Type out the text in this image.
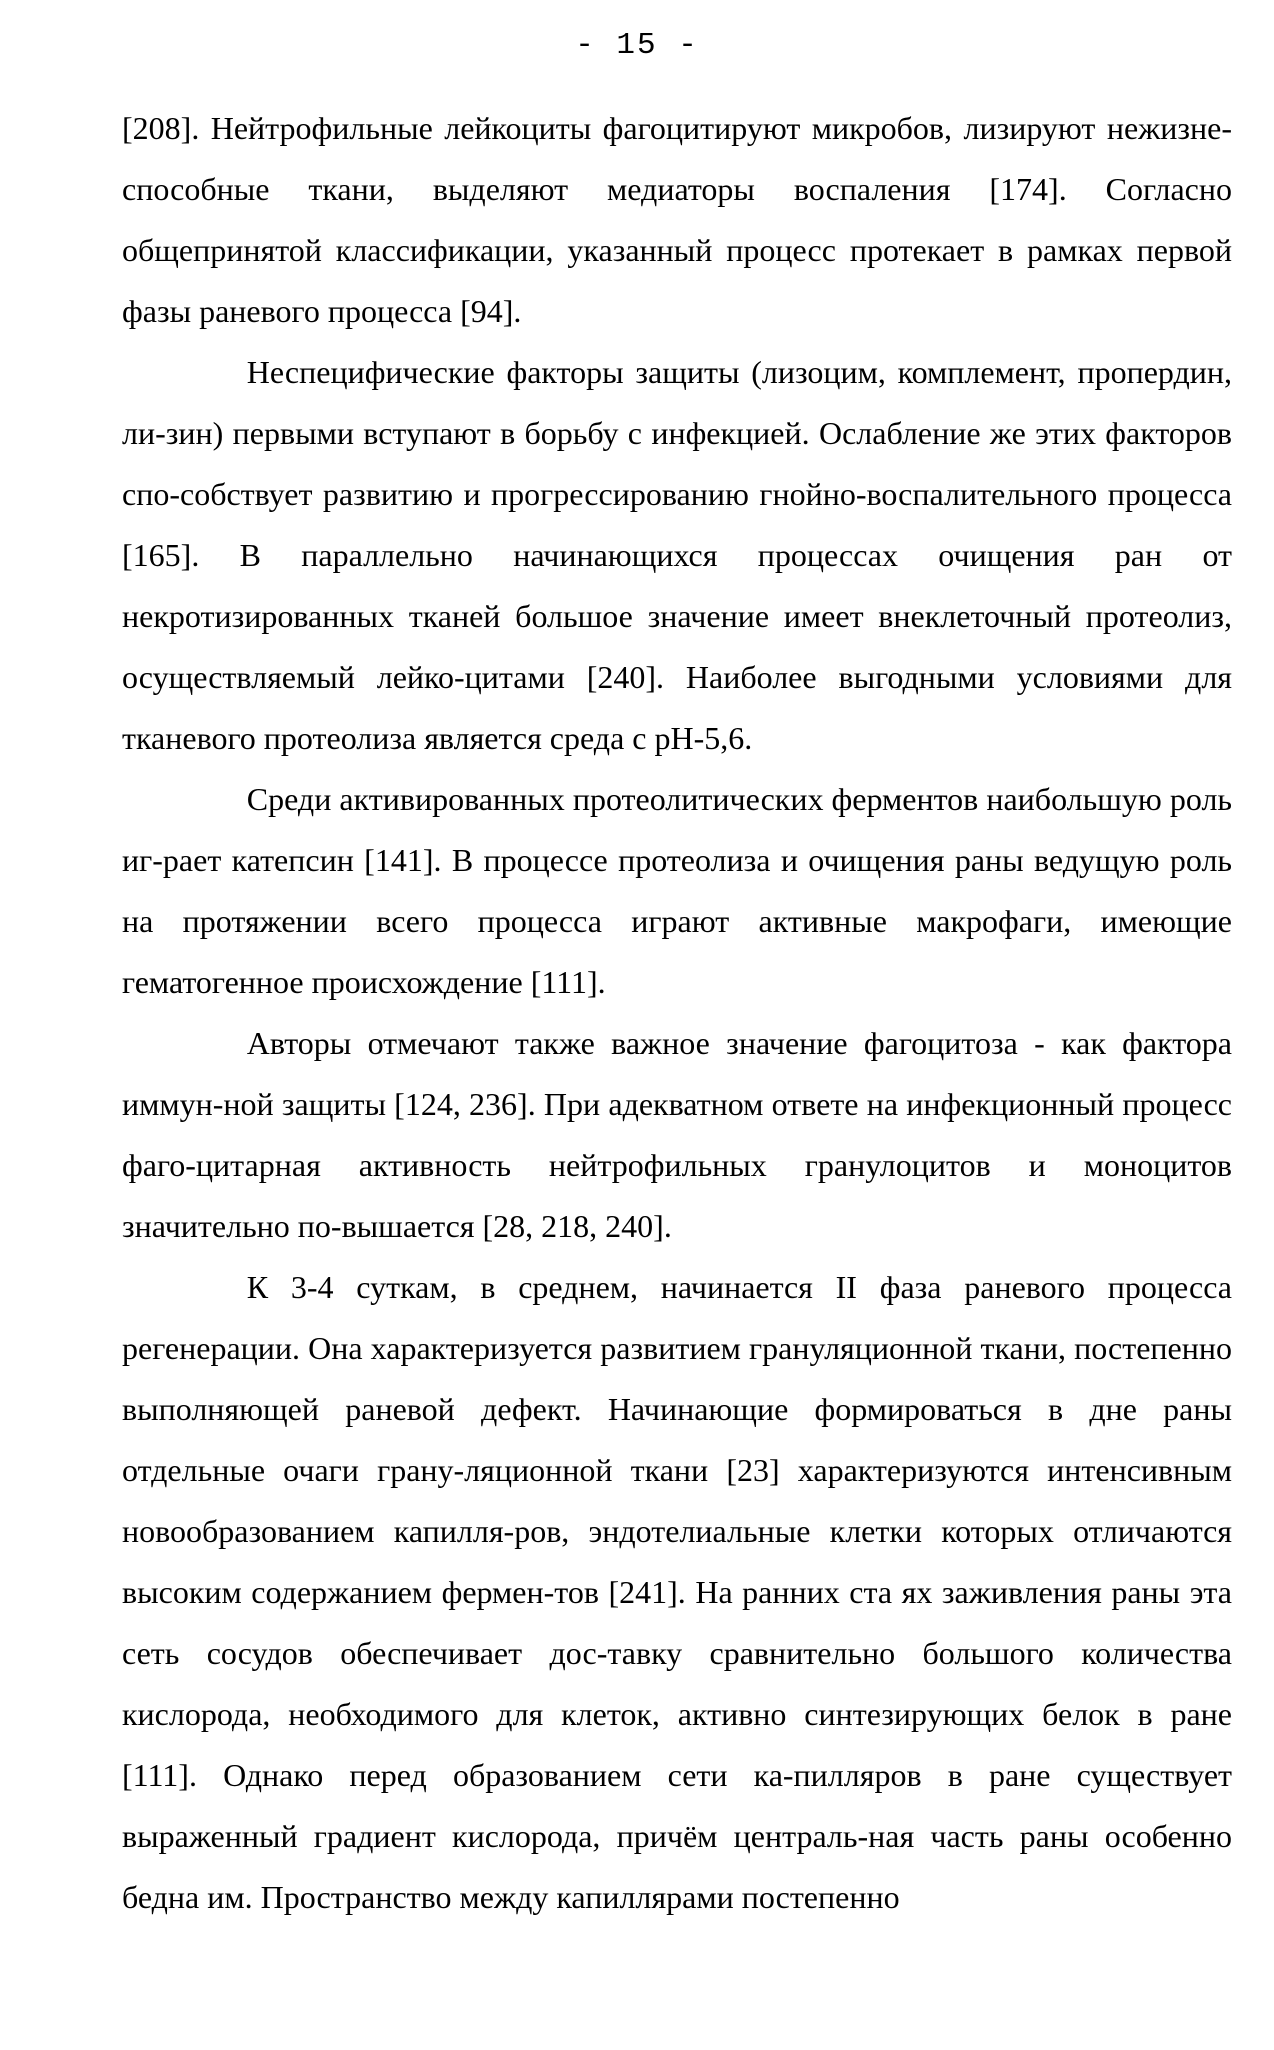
- 15 -

[208]. Нейтрофильные лейкоциты фагоцитируют микробов, лизируют нежизне-способные ткани, выделяют медиаторы воспаления [174]. Согласно общепринятой классификации, указанный процесс протекает в рамках первой фазы раневого процесса [94].

Неспецифические факторы защиты (лизоцим, комплемент, пропердин, ли-зин) первыми вступают в борьбу с инфекцией. Ослабление же этих факторов спо-собствует развитию и прогрессированию гнойно-воспалительного процесса [165]. В параллельно начинающихся процессах очищения ран от некротизированных тканей большое значение имеет внеклеточный протеолиз, осуществляемый лейко-цитами [240]. Наиболее выгодными условиями для тканевого протеолиза является среда с рН-5,6.

Среди активированных протеолитических ферментов наибольшую роль иг-рает катепсин [141]. В процессе протеолиза и очищения раны ведущую роль на протяжении всего процесса играют активные макрофаги, имеющие гематогенное происхождение [111].

Авторы отмечают также важное значение фагоцитоза - как фактора иммун-ной защиты [124, 236]. При адекватном ответе на инфекционный процесс фаго-цитарная активность нейтрофильных гранулоцитов и моноцитов значительно по-вышается [28, 218, 240].

К 3-4 суткам, в среднем, начинается II фаза раневого процесса регенерации. Она характеризуется развитием грануляционной ткани, постепенно выполняющей раневой дефект. Начинающие формироваться в дне раны отдельные очаги грану-ляционной ткани [23] характеризуются интенсивным новообразованием капилля-ров, эндотелиальные клетки которых отличаются высоким содержанием фермен-тов [241]. На ранних ста ях заживления раны эта сеть сосудов обеспечивает дос-тавку сравнительно большого количества кислорода, необходимого для клеток, активно синтезирующих белок в ране [111]. Однако перед образованием сети ка-пилляров в ране существует выраженный градиент кислорода, причём централь-ная часть раны особенно бедна им. Пространство между капиллярами постепенно
